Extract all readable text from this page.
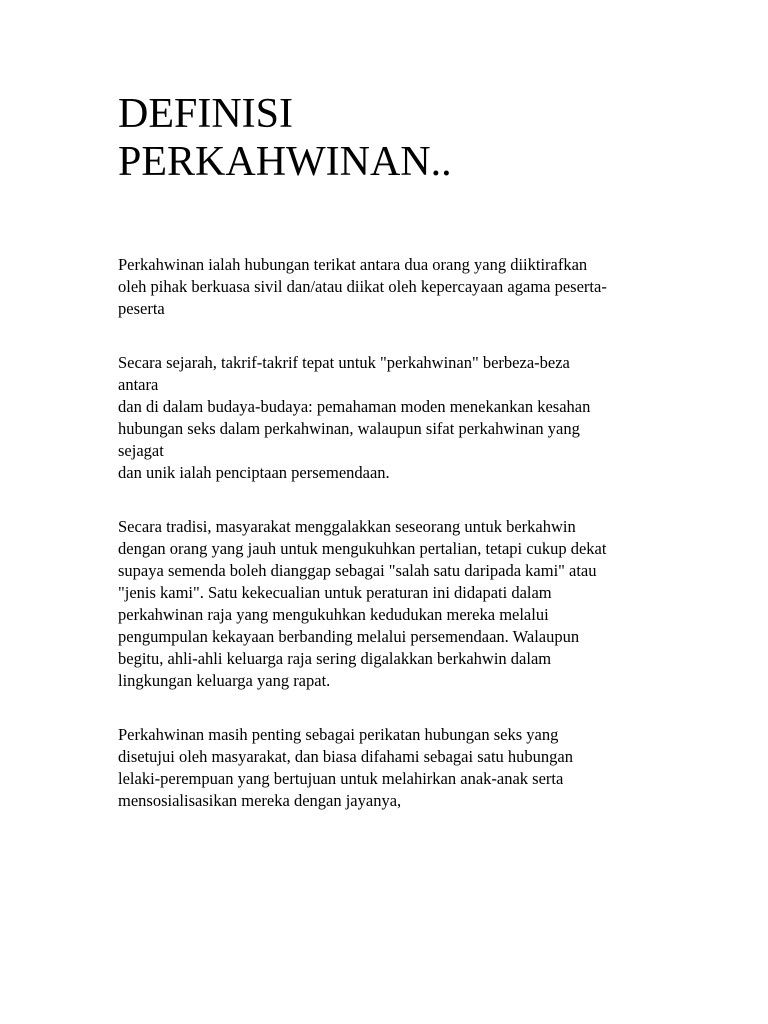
DEFINISI
PERKAHWINAN..

Perkahwinan ialah hubungan terikat antara dua orang yang diiktirafkan
oleh pihak berkuasa sivil dan/atau diikat oleh kepercayaan agama peserta-
peserta

Secara sejarah, takrif-takrif tepat untuk "perkahwinan" berbeza-beza
antara
dan di dalam budaya-budaya: pemahaman moden menekankan kesahan
hubungan seks dalam perkahwinan, walaupun sifat perkahwinan yang
sejagat
dan unik ialah penciptaan persemendaan.

Secara tradisi, masyarakat menggalakkan seseorang untuk berkahwin
dengan orang yang jauh untuk mengukuhkan pertalian, tetapi cukup dekat
supaya semenda boleh dianggap sebagai "salah satu daripada kami" atau
"jenis kami". Satu kekecualian untuk peraturan ini didapati dalam
perkahwinan raja yang mengukuhkan kedudukan mereka melalui
pengumpulan kekayaan berbanding melalui persemendaan. Walaupun
begitu, ahli-ahli keluarga raja sering digalakkan berkahwin dalam
lingkungan keluarga yang rapat.

Perkahwinan masih penting sebagai perikatan hubungan seks yang
disetujui oleh masyarakat, dan biasa difahami sebagai satu hubungan
lelaki-perempuan yang bertujuan untuk melahirkan anak-anak serta
mensosialisasikan mereka dengan jayanya,
